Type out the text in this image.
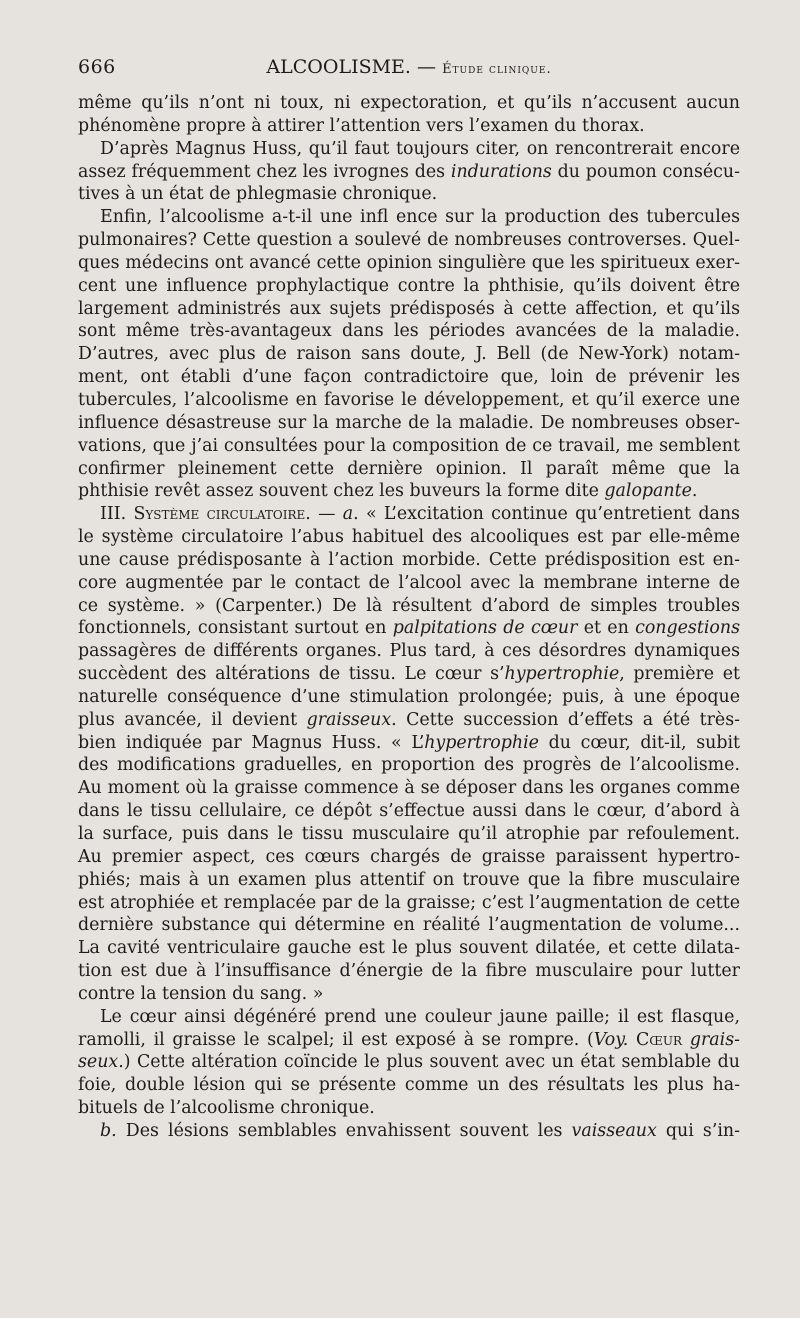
666	ALCOOLISME. — Étude clinique.
même qu’ils n’ont ni toux, ni expectoration, et qu’ils n’accusent aucun
phénomène propre à attirer l’attention vers l’examen du thorax.
D’après Magnus Huss, qu’il faut toujours citer, on rencontrerait encore
assez fréquemment chez les ivrognes des indurations du poumon consécu-
tives à un état de phlegmasie chronique.
Enfin, l’alcoolisme a-t-il une infl ence sur la production des tubercules
pulmonaires? Cette question a soulevé de nombreuses controverses. Quel-
ques médecins ont avancé cette opinion singulière que les spiritueux exer-
cent une influence prophylactique contre la phthisie, qu’ils doivent être
largement administrés aux sujets prédisposés à cette affection, et qu’ils
sont même très-avantageux dans les périodes avancées de la maladie.
D’autres, avec plus de raison sans doute, J. Bell (de New-York) notam-
ment, ont établi d’une façon contradictoire que, loin de prévenir les
tubercules, l’alcoolisme en favorise le développement, et qu’il exerce une
influence désastreuse sur la marche de la maladie. De nombreuses obser-
vations, que j’ai consultées pour la composition de ce travail, me semblent
confirmer pleinement cette dernière opinion. Il paraît même que la
phthisie revêt assez souvent chez les buveurs la forme dite galopante.
III. Système circulatoire. — a. « L’excitation continue qu’entretient dans
le système circulatoire l’abus habituel des alcooliques est par elle-même
une cause prédisposante à l’action morbide. Cette prédisposition est en-
core augmentée par le contact de l’alcool avec la membrane interne de
ce système. » (Carpenter.) De là résultent d’abord de simples troubles
fonctionnels, consistant surtout en palpitations de cœur et en congestions
passagères de différents organes. Plus tard, à ces désordres dynamiques
succèdent des altérations de tissu. Le cœur s’hypertrophie, première et
naturelle conséquence d’une stimulation prolongée; puis, à une époque
plus avancée, il devient graisseux. Cette succession d’effets a été très-
bien indiquée par Magnus Huss. « L’hypertrophie du cœur, dit-il, subit
des modifications graduelles, en proportion des progrès de l’alcoolisme.
Au moment où la graisse commence à se déposer dans les organes comme
dans le tissu cellulaire, ce dépôt s’effectue aussi dans le cœur, d’abord à
la surface, puis dans le tissu musculaire qu’il atrophie par refoulement.
Au premier aspect, ces cœurs chargés de graisse paraissent hypertro-
phiés; mais à un examen plus attentif on trouve que la fibre musculaire
est atrophiée et remplacée par de la graisse; c’est l’augmentation de cette
dernière substance qui détermine en réalité l’augmentation de volume...
La cavité ventriculaire gauche est le plus souvent dilatée, et cette dilata-
tion est due à l’insuffisance d’énergie de la fibre musculaire pour lutter
contre la tension du sang. »
Le cœur ainsi dégénéré prend une couleur jaune paille; il est flasque,
ramolli, il graisse le scalpel; il est exposé à se rompre. (Voy. Cœur grais-
seux.) Cette altération coïncide le plus souvent avec un état semblable du
foie, double lésion qui se présente comme un des résultats les plus ha-
bituels de l’alcoolisme chronique.
b. Des lésions semblables envahissent souvent les vaisseaux qui s’in-
